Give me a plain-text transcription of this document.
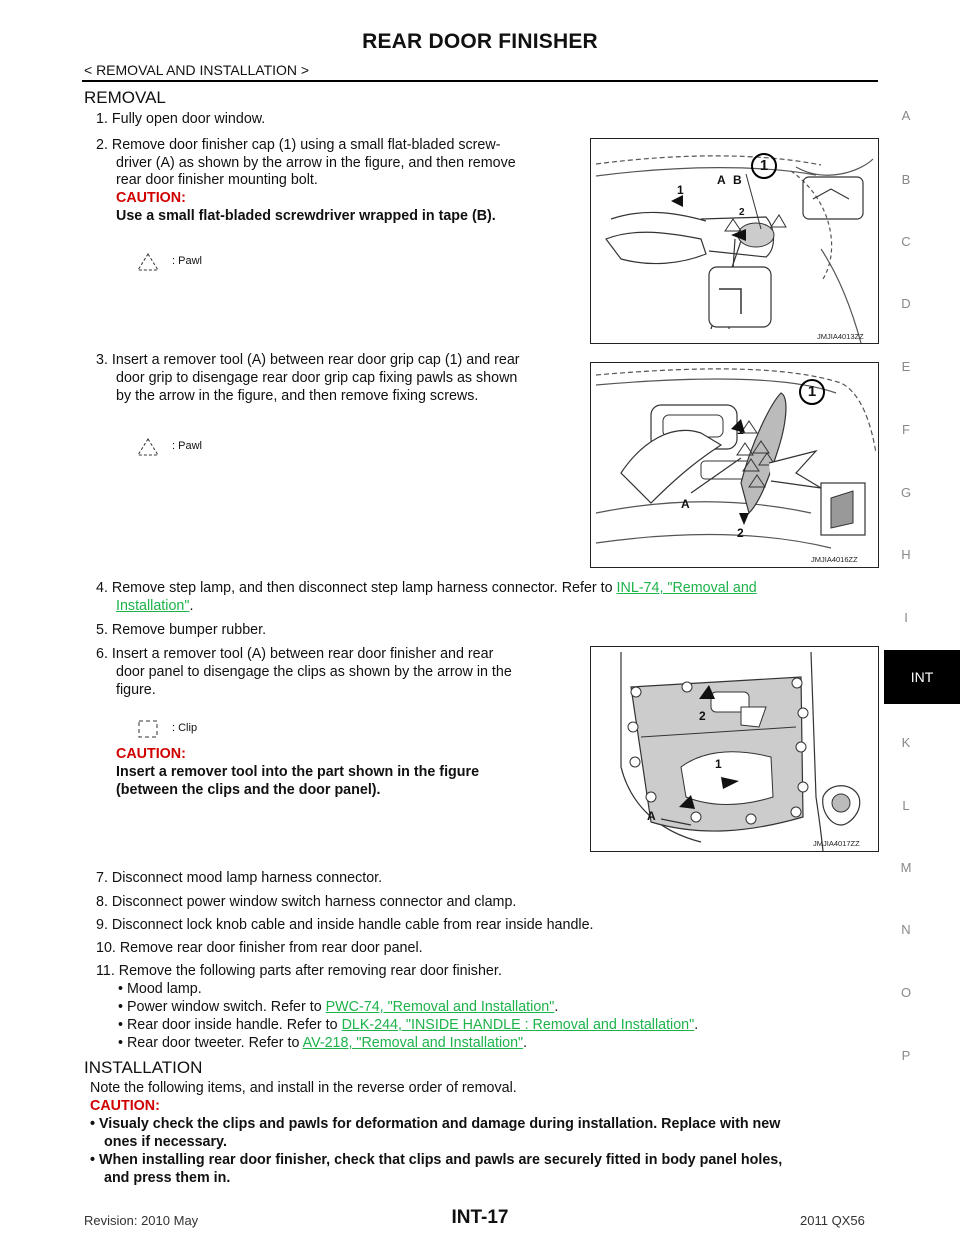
REAR DOOR FINISHER
< REMOVAL AND INSTALLATION >
REMOVAL
1. Fully open door window.
2. Remove door finisher cap (1) using a small flat-bladed screw-
driver (A) as shown by the arrow in the figure, and then remove
rear door finisher mounting bolt.
CAUTION:
Use a small flat-bladed screwdriver wrapped in tape (B).
: Pawl
1
1
A B
2
JMJIA4013ZZ
3. Insert a remover tool (A) between rear door grip cap (1) and rear
door grip to disengage rear door grip cap fixing pawls as shown
by the arrow in the figure, and then remove fixing screws.
: Pawl
1
1
A
2
JMJIA4016ZZ
4. Remove step lamp, and then disconnect step lamp harness connector. Refer to INL-74, "Removal and
Installation".
5. Remove bumper rubber.
6. Insert a remover tool (A) between rear door finisher and rear
door panel to disengage the clips as shown by the arrow in the
figure.
: Clip
CAUTION:
Insert a remover tool into the part shown in the figure
(between the clips and the door panel).
2
1
A
JMJIA4017ZZ
7. Disconnect mood lamp harness connector.
8. Disconnect power window switch harness connector and clamp.
9. Disconnect lock knob cable and inside handle cable from rear inside handle.
10. Remove rear door finisher from rear door panel.
11. Remove the following parts after removing rear door finisher.
• Mood lamp.
• Power window switch. Refer to PWC-74, "Removal and Installation".
• Rear door inside handle. Refer to DLK-244, "INSIDE HANDLE : Removal and Installation".
• Rear door tweeter. Refer to AV-218, "Removal and Installation".
INSTALLATION
Note the following items, and install in the reverse order of removal.
CAUTION:
• Visualy check the clips and pawls for deformation and damage during installation. Replace with new
ones if necessary.
• When installing rear door finisher, check that clips and pawls are securely fitted in body panel holes,
and press them in.
A
B
C
D
E
F
G
H
I
INT
K
L
M
N
O
P
INT-17
Revision: 2010 May	2011 QX56
